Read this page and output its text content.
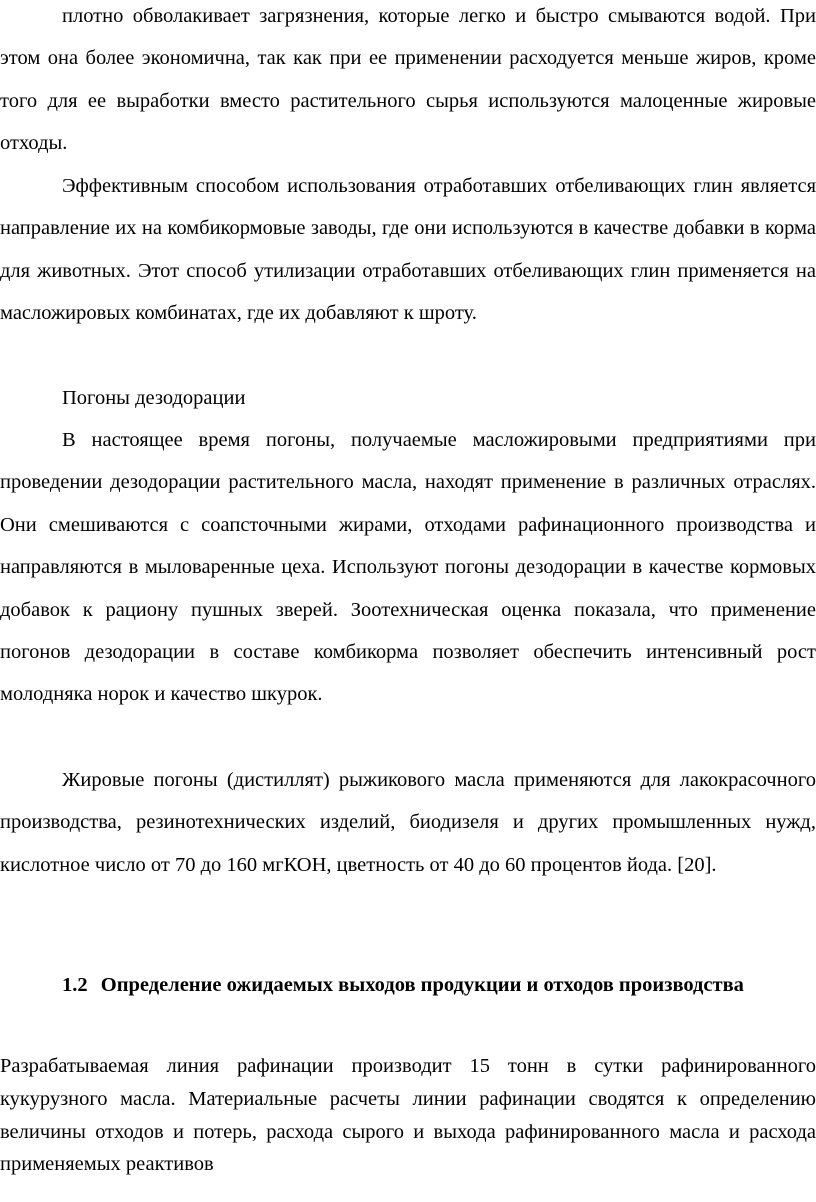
плотно обволакивает загрязнения, которые легко и быстро смываются водой. При этом она более экономична, так как при ее применении расходуется меньше жиров, кроме того для ее выработки вместо растительного сырья используются малоценные жировые отходы.

Эффективным способом использования отработавших отбеливающих глин является направление их на комбикормовые заводы, где они используются в качестве добавки в корма для животных. Этот способ утилизации отработавших отбеливающих глин применяется на масложировых комбинатах, где их добавляют к шроту.

Погоны дезодорации

В настоящее время погоны, получаемые масложировыми предприятиями при проведении дезодорации растительного масла, находят применение в различных отраслях. Они смешиваются с соапсточными жирами, отходами рафинационного производства и направляются в мыловаренные цеха. Используют погоны дезодорации в качестве кормовых добавок к рациону пушных зверей. Зоотехническая оценка показала, что применение погонов дезодорации в составе комбикорма позволяет обеспечить интенсивный рост молодняка норок и качество шкурок.

Жировые погоны (дистиллят) рыжикового масла применяются для лакокрасочного производства, резинотехнических изделий, биодизеля и других промышленных нужд, кислотное число от 70 до 160 мгКОН, цветность от 40 до 60 процентов йода. [20].

1.2 Определение ожидаемых выходов продукции и отходов производства

Разрабатываемая линия рафинации производит 15 тонн в сутки рафинированного кукурузного масла. Материальные расчеты линии рафинации сводятся к определению величины отходов и потерь, расхода сырого и выхода рафинированного масла и расхода применяемых реактивов
